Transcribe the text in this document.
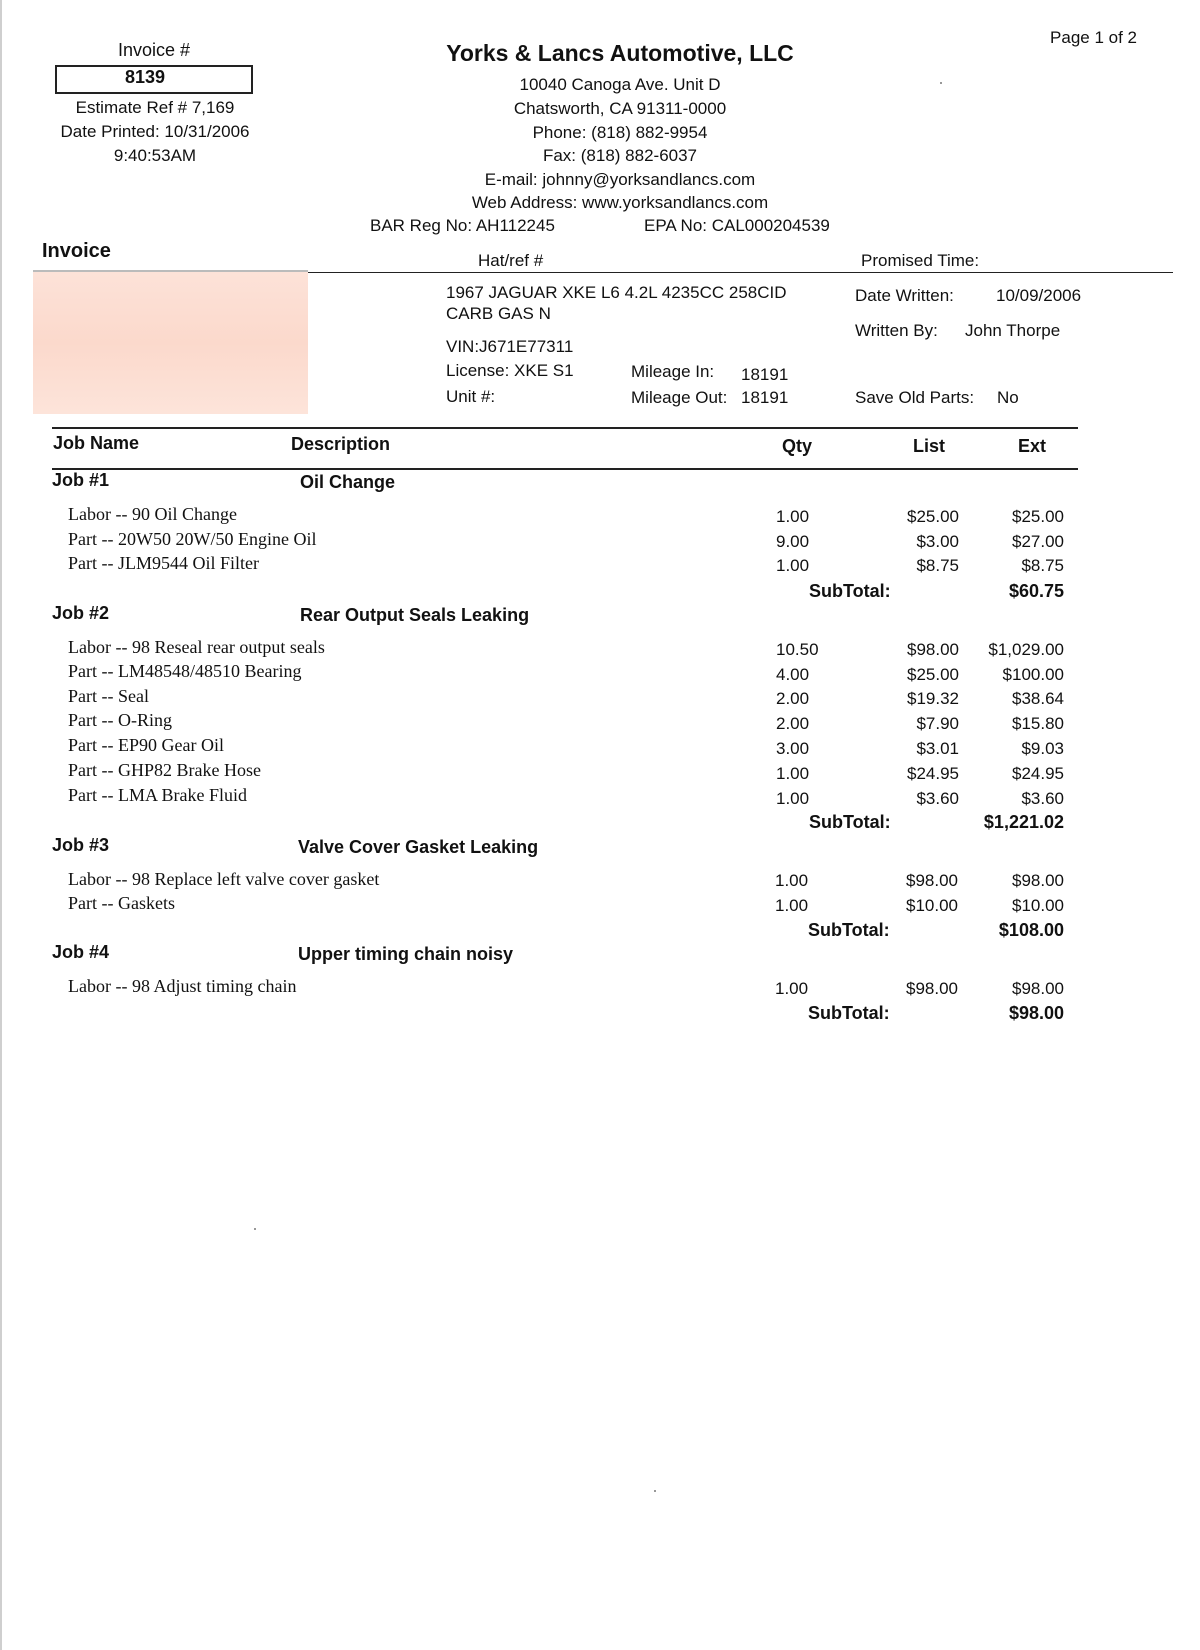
Page 1 of 2
Invoice #
8139
Estimate Ref # 7,169
Date Printed: 10/31/2006
9:40:53AM
Invoice
Yorks & Lancs Automotive, LLC
10040 Canoga Ave. Unit D
Chatsworth, CA 91311-0000
Phone: (818) 882-9954
Fax: (818) 882-6037
E-mail: johnny@yorksandlancs.com
Web Address: www.yorksandlancs.com
BAR Reg No: AH112245	EPA No: CAL000204539
Hat/ref #	Promised Time:
1967 JAGUAR XKE L6 4.2L 4235CC 258CID
CARB GAS N
VIN:J671E77311
License: XKE S1
Unit #:
Mileage In: 18191
Mileage Out: 18191
Date Written: 10/09/2006
Written By: John Thorpe
Save Old Parts: No
Job Name	Description	Qty	List	Ext
Job #1	Oil Change
Labor -- 90 Oil Change	1.00	$25.00	$25.00
Part -- 20W50 20W/50 Engine Oil	9.00	$3.00	$27.00
Part -- JLM9544 Oil Filter	1.00	$8.75	$8.75
SubTotal:	$60.75
Job #2	Rear Output Seals Leaking
Labor -- 98 Reseal rear output seals	10.50	$98.00	$1,029.00
Part -- LM48548/48510 Bearing	4.00	$25.00	$100.00
Part -- Seal	2.00	$19.32	$38.64
Part -- O-Ring	2.00	$7.90	$15.80
Part -- EP90 Gear Oil	3.00	$3.01	$9.03
Part -- GHP82 Brake Hose	1.00	$24.95	$24.95
Part -- LMA Brake Fluid	1.00	$3.60	$3.60
SubTotal:	$1,221.02
Job #3	Valve Cover Gasket Leaking
Labor -- 98 Replace left valve cover gasket	1.00	$98.00	$98.00
Part -- Gaskets	1.00	$10.00	$10.00
SubTotal:	$108.00
Job #4	Upper timing chain noisy
Labor -- 98 Adjust timing chain	1.00	$98.00	$98.00
SubTotal:	$98.00
